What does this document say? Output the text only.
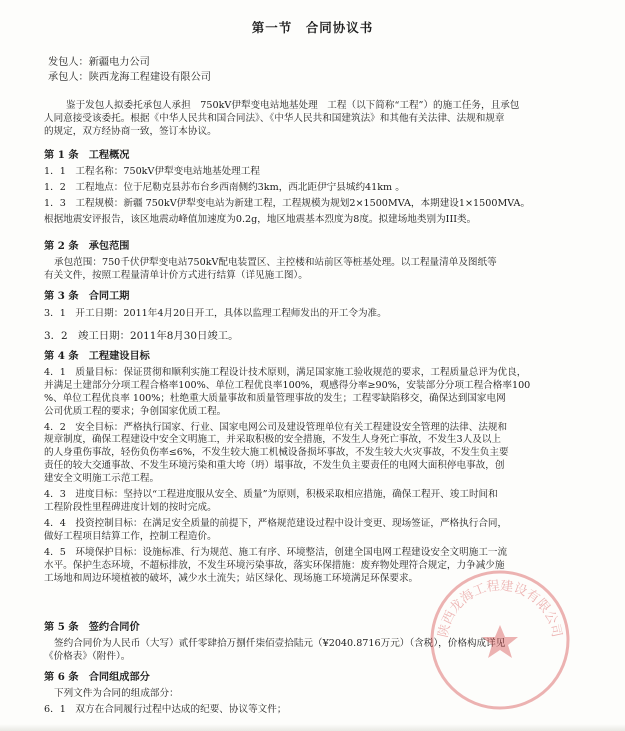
第一节　合同协议书
发包人：新疆电力公司
承包人：陕西龙海工程建设有限公司
鉴于发包人拟委托承包人承担　750kV伊犁变电站地基处理　工程（以下简称“工程”）的施工任务，且承包
人同意接受该委托。根据《中华人民共和国合同法》、《中华人民共和国建筑法》和其他有关法律、法规和规章
的规定，双方经协商一致，签订本协议。
第 1 条　工程概况
1．1　工程名称：750kV伊犁变电站地基处理工程
1．2　工程地点：位于尼勒克县苏布台乡西南侧约3km，西北距伊宁县城约41km 。
1．3　工程规模：新疆 750kV伊犁变电站为新建工程，工程规模为规划2×1500MVA，本期建设1×1500MVA。
根据地震安评报告，该区地震动峰值加速度为0.2g，地区地震基本烈度为8度。拟建场地类别为III类。
第 2 条　承包范围
承包范围：750千伏伊犁变电站750kV配电装置区、主控楼和站前区等桩基处理。以工程量清单及图纸等
有关文件，按照工程量清单计价方式进行结算（详见施工图）。
第 3 条　合同工期
3．1　开工日期：2011年4月20日开工，具体以监理工程师发出的开工令为准。
3．2　竣工日期：2011年8月30日竣工。
第 4 条　工程建设目标
4．1　质量目标：保证贯彻和顺利实施工程设计技术原则，满足国家施工验收规范的要求，工程质量总评为优良，
并满足土建部分分项工程合格率100%、单位工程优良率100%，观感得分率≥90%，安装部分分项工程合格率100
%、单位工程优良率 100%；杜绝重大质量事故和质量管理事故的发生；工程零缺陷移交，确保达到国家电网
公司优质工程的要求；争创国家优质工程。
4．2　安全目标：严格执行国家、行业、国家电网公司及建设管理单位有关工程建设安全管理的法律、法规和
规章制度，确保工程建设中安全文明施工，并采取积极的安全措施，不发生人身死亡事故，不发生3人及以上
的人身重伤事故，轻伤负伤率≤6%，不发生较大施工机械设备损坏事故，不发生较大火灾事故，不发生负主要
责任的较大交通事故、不发生环境污染和重大垮（坍）塌事故，不发生负主要责任的电网大面积停电事故，创
建安全文明施工示范工程。
4．3　进度目标：坚持以“工程进度服从安全、质量”为原则，积极采取相应措施，确保工程开、竣工时间和
工程阶段性里程碑进度计划的按时完成。
4．4　投资控制目标：在满足安全质量的前提下，严格规范建设过程中设计变更、现场签证，严格执行合同，
做好工程项目结算工作，控制工程造价。
4．5　环境保护目标：设施标准、行为规范、施工有序、环境整洁，创建全国电网工程建设安全文明施工一流
水平。保护生态环境，不超标排放，不发生环境污染事故，落实环保措施：废弃物处理符合规定，力争减少施
工场地和周边环境植被的破坏，减少水土流失；站区绿化、现场施工环境满足环保要求。
第 5 条　签约合同价
签约合同价为人民币（大写）贰仟零肆拾万捌仟柒佰壹拾陆元（¥2040.8716万元）（含税），价格构成详见
《价格表》（附件）。
第 6 条　合同组成部分
下列文件为合同的组成部分：
6．1　双方在合同履行过程中达成的纪要、协议等文件；
陕西龙海工程建设有限公司
